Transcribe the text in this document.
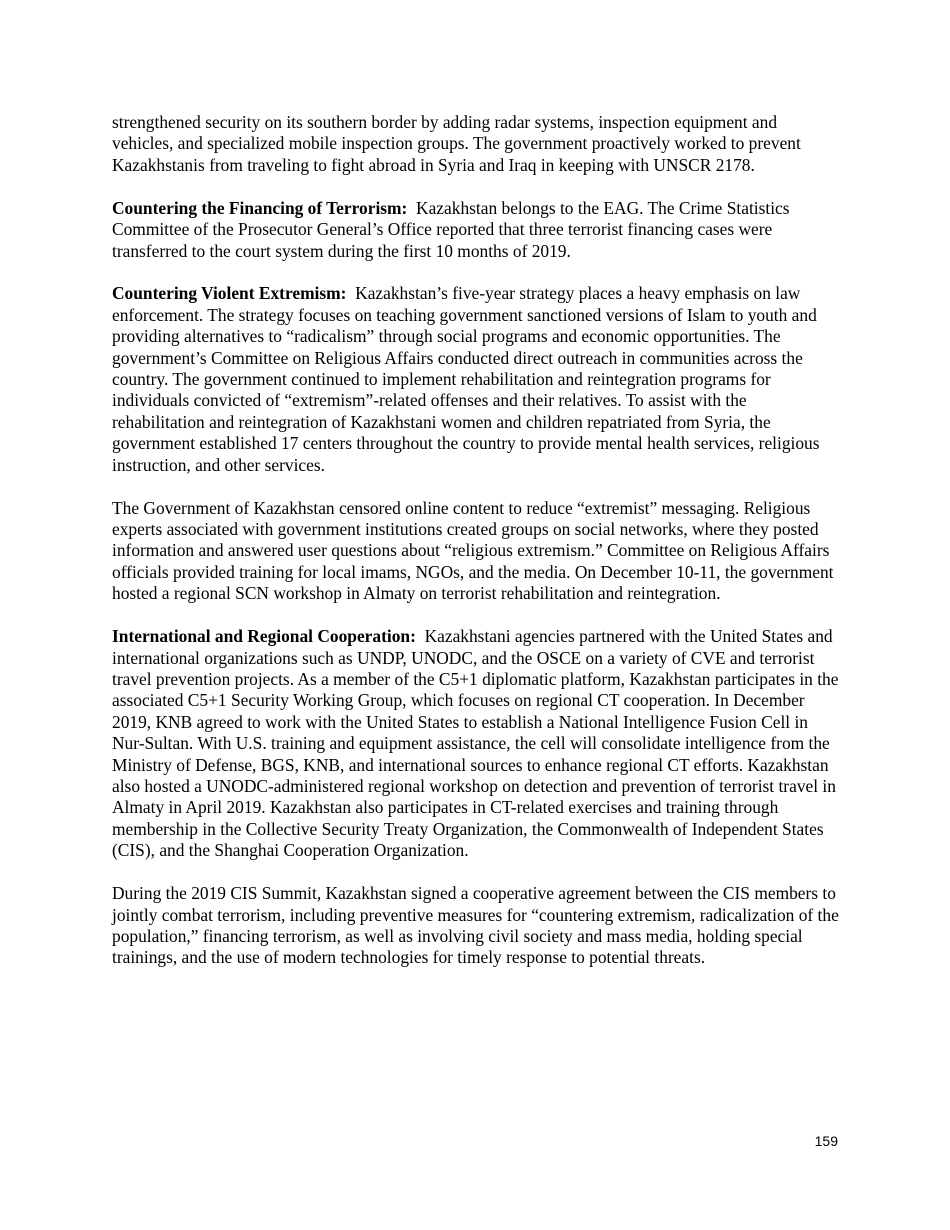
strengthened security on its southern border by adding radar systems, inspection equipment and vehicles, and specialized mobile inspection groups. The government proactively worked to prevent Kazakhstanis from traveling to fight abroad in Syria and Iraq in keeping with UNSCR 2178.

Countering the Financing of Terrorism: Kazakhstan belongs to the EAG. The Crime Statistics Committee of the Prosecutor General’s Office reported that three terrorist financing cases were transferred to the court system during the first 10 months of 2019.

Countering Violent Extremism: Kazakhstan’s five-year strategy places a heavy emphasis on law enforcement. The strategy focuses on teaching government sanctioned versions of Islam to youth and providing alternatives to “radicalism” through social programs and economic opportunities. The government’s Committee on Religious Affairs conducted direct outreach in communities across the country. The government continued to implement rehabilitation and reintegration programs for individuals convicted of “extremism”-related offenses and their relatives. To assist with the rehabilitation and reintegration of Kazakhstani women and children repatriated from Syria, the government established 17 centers throughout the country to provide mental health services, religious instruction, and other services.

The Government of Kazakhstan censored online content to reduce “extremist” messaging. Religious experts associated with government institutions created groups on social networks, where they posted information and answered user questions about “religious extremism.” Committee on Religious Affairs officials provided training for local imams, NGOs, and the media. On December 10-11, the government hosted a regional SCN workshop in Almaty on terrorist rehabilitation and reintegration.

International and Regional Cooperation: Kazakhstani agencies partnered with the United States and international organizations such as UNDP, UNODC, and the OSCE on a variety of CVE and terrorist travel prevention projects. As a member of the C5+1 diplomatic platform, Kazakhstan participates in the associated C5+1 Security Working Group, which focuses on regional CT cooperation. In December 2019, KNB agreed to work with the United States to establish a National Intelligence Fusion Cell in Nur-Sultan. With U.S. training and equipment assistance, the cell will consolidate intelligence from the Ministry of Defense, BGS, KNB, and international sources to enhance regional CT efforts. Kazakhstan also hosted a UNODC-administered regional workshop on detection and prevention of terrorist travel in Almaty in April 2019. Kazakhstan also participates in CT-related exercises and training through membership in the Collective Security Treaty Organization, the Commonwealth of Independent States (CIS), and the Shanghai Cooperation Organization.

During the 2019 CIS Summit, Kazakhstan signed a cooperative agreement between the CIS members to jointly combat terrorism, including preventive measures for “countering extremism, radicalization of the population,” financing terrorism, as well as involving civil society and mass media, holding special trainings, and the use of modern technologies for timely response to potential threats.

159
